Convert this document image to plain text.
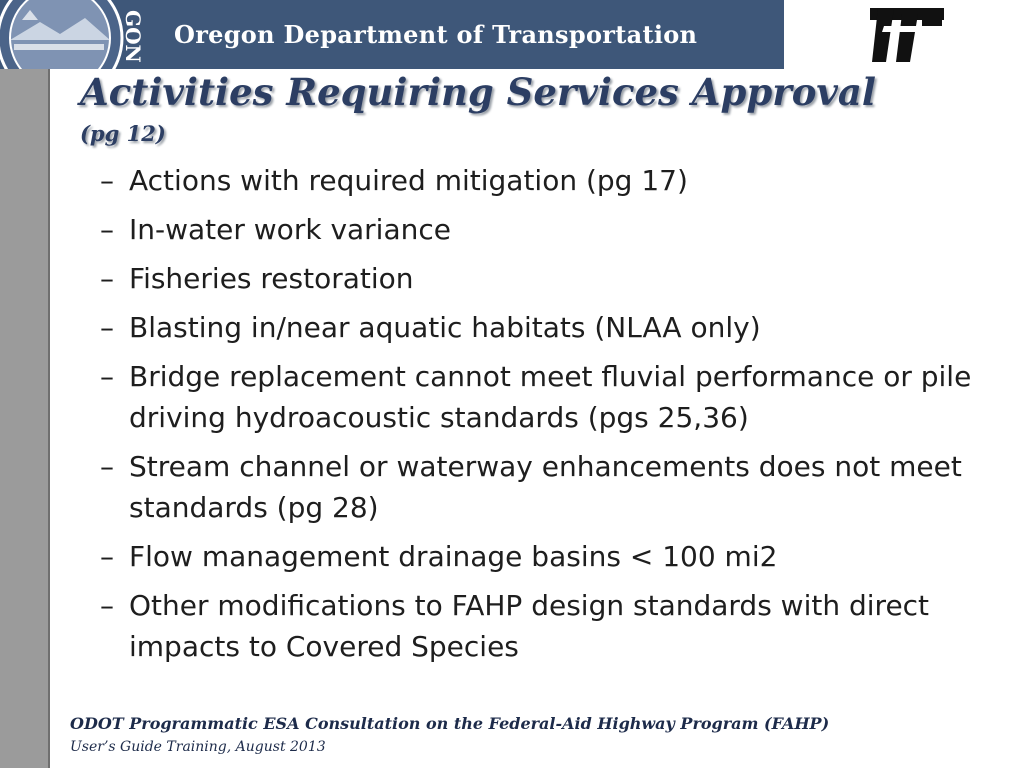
GON Oregon Department of Transportation
Activities Requiring Services Approval
(pg 12)
– Actions with required mitigation (pg 17)
– In-water work variance
– Fisheries restoration
– Blasting in/near aquatic habitats (NLAA only)
– Bridge replacement cannot meet fluvial performance or pile driving hydroacoustic standards (pgs 25,36)
– Stream channel or waterway enhancements does not meet standards (pg 28)
– Flow management drainage basins < 100 mi2
– Other modifications to FAHP design standards with direct impacts to Covered Species
ODOT Programmatic ESA Consultation on the Federal-Aid Highway Program (FAHP)
User’s Guide Training, August 2013
